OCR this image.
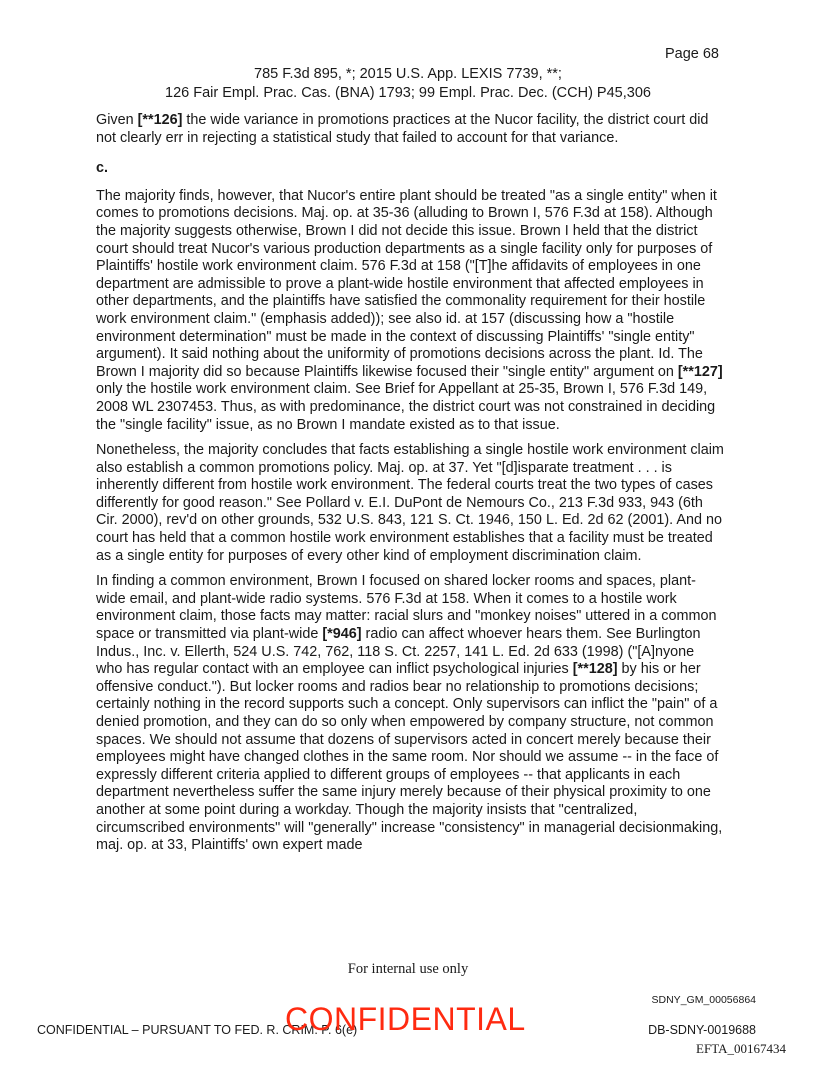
Page 68
785 F.3d 895, *; 2015 U.S. App. LEXIS 7739, **;
126 Fair Empl. Prac. Cas. (BNA) 1793; 99 Empl. Prac. Dec. (CCH) P45,306

Given [**126] the wide variance in promotions practices at the Nucor facility, the district court did not clearly err in rejecting a statistical study that failed to account for that variance.

c.

The majority finds, however, that Nucor's entire plant should be treated "as a single entity" when it comes to promotions decisions. Maj. op. at 35-36 (alluding to Brown I, 576 F.3d at 158). Although the majority suggests otherwise, Brown I did not decide this issue. Brown I held that the district court should treat Nucor's various production departments as a single facility only for purposes of Plaintiffs' hostile work environment claim. 576 F.3d at 158 ("[T]he affidavits of employees in one department are admissible to prove a plant-wide hostile environment that affected employees in other departments, and the plaintiffs have satisfied the commonality requirement for their hostile work environment claim." (emphasis added)); see also id. at 157 (discussing how a "hostile environment determination" must be made in the context of discussing Plaintiffs' "single entity" argument). It said nothing about the uniformity of promotions decisions across the plant. Id. The Brown I majority did so because Plaintiffs likewise focused their "single entity" argument on [**127] only the hostile work environment claim. See Brief for Appellant at 25-35, Brown I, 576 F.3d 149, 2008 WL 2307453. Thus, as with predominance, the district court was not constrained in deciding the "single facility" issue, as no Brown I mandate existed as to that issue.

Nonetheless, the majority concludes that facts establishing a single hostile work environment claim also establish a common promotions policy. Maj. op. at 37. Yet "[d]isparate treatment . . . is inherently different from hostile work environment. The federal courts treat the two types of cases differently for good reason." See Pollard v. E.I. DuPont de Nemours Co., 213 F.3d 933, 943 (6th Cir. 2000), rev'd on other grounds, 532 U.S. 843, 121 S. Ct. 1946, 150 L. Ed. 2d 62 (2001). And no court has held that a common hostile work environment establishes that a facility must be treated as a single entity for purposes of every other kind of employment discrimination claim.

In finding a common environment, Brown I focused on shared locker rooms and spaces, plant-wide email, and plant-wide radio systems. 576 F.3d at 158. When it comes to a hostile work environment claim, those facts may matter: racial slurs and "monkey noises" uttered in a common space or transmitted via plant-wide [*946] radio can affect whoever hears them. See Burlington Indus., Inc. v. Ellerth, 524 U.S. 742, 762, 118 S. Ct. 2257, 141 L. Ed. 2d 633 (1998) ("[A]nyone who has regular contact with an employee can inflict psychological injuries [**128] by his or her offensive conduct."). But locker rooms and radios bear no relationship to promotions decisions; certainly nothing in the record supports such a concept. Only supervisors can inflict the "pain" of a denied promotion, and they can do so only when empowered by company structure, not common spaces. We should not assume that dozens of supervisors acted in concert merely because their employees might have changed clothes in the same room. Nor should we assume -- in the face of expressly different criteria applied to different groups of employees -- that applicants in each department nevertheless suffer the same injury merely because of their physical proximity to one another at some point during a workday. Though the majority insists that "centralized, circumscribed environments" will "generally" increase "consistency" in managerial decisionmaking, maj. op. at 33, Plaintiffs' own expert made

For internal use only
SDNY_GM_00056864
CONFIDENTIAL – PURSUANT TO FED. R. CRIM. P. 6(e)
CONFIDENTIAL	DB-SDNY-0019688
EFTA_00167434
